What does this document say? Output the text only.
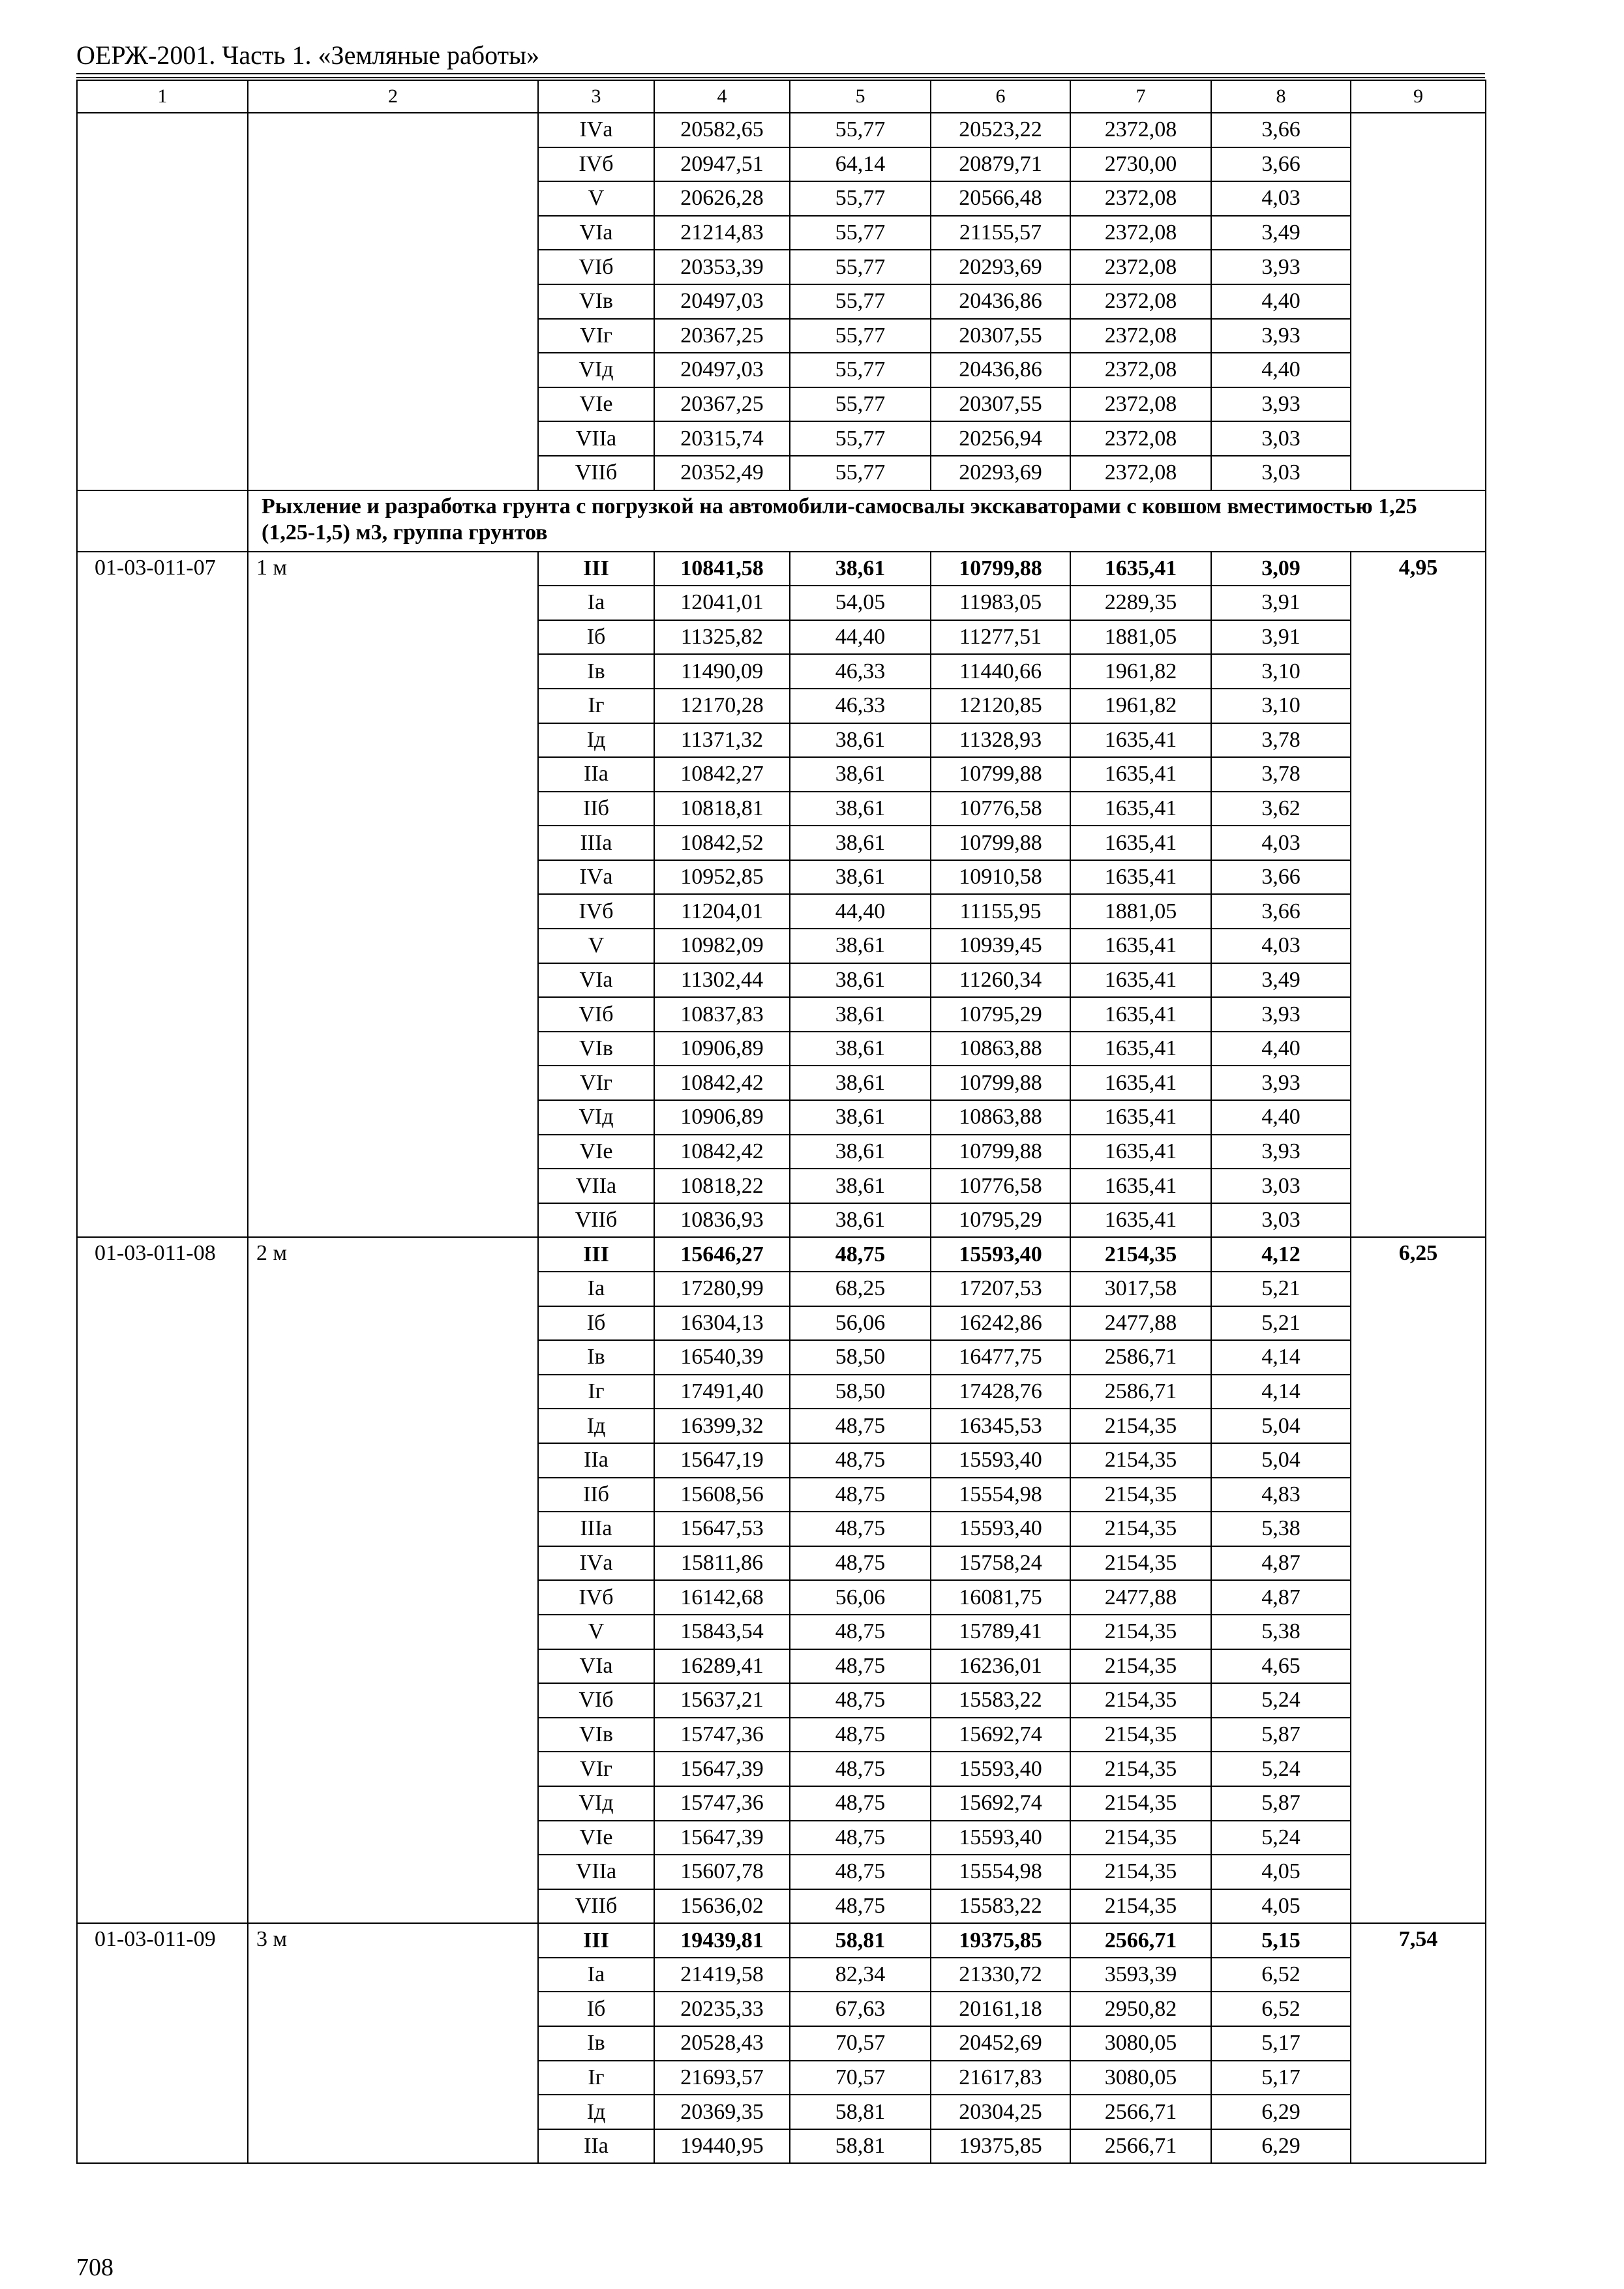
ОЕРЖ-2001. Часть 1. «Земляные работы»
1	2	3	4	5	6	7	8	9
		IVа	20582,65	55,77	20523,22	2372,08	3,66	
		IVб	20947,51	64,14	20879,71	2730,00	3,66	
		V	20626,28	55,77	20566,48	2372,08	4,03	
		VIа	21214,83	55,77	21155,57	2372,08	3,49	
		VIб	20353,39	55,77	20293,69	2372,08	3,93	
		VIв	20497,03	55,77	20436,86	2372,08	4,40	
		VIг	20367,25	55,77	20307,55	2372,08	3,93	
		VIд	20497,03	55,77	20436,86	2372,08	4,40	
		VIе	20367,25	55,77	20307,55	2372,08	3,93	
		VIIа	20315,74	55,77	20256,94	2372,08	3,03	
		VIIб	20352,49	55,77	20293,69	2372,08	3,03	
	Рыхление и разработка грунта с погрузкой на автомобили-самосвалы экскаваторами с ковшом вместимостью 1,25 (1,25-1,5) м3, группа грунтов							
01-03-011-07	1 м	III	10841,58	38,61	10799,88	1635,41	3,09	4,95
		Iа	12041,01	54,05	11983,05	2289,35	3,91	
		Iб	11325,82	44,40	11277,51	1881,05	3,91	
		Iв	11490,09	46,33	11440,66	1961,82	3,10	
		Iг	12170,28	46,33	12120,85	1961,82	3,10	
		Iд	11371,32	38,61	11328,93	1635,41	3,78	
		IIа	10842,27	38,61	10799,88	1635,41	3,78	
		IIб	10818,81	38,61	10776,58	1635,41	3,62	
		IIIа	10842,52	38,61	10799,88	1635,41	4,03	
		IVа	10952,85	38,61	10910,58	1635,41	3,66	
		IVб	11204,01	44,40	11155,95	1881,05	3,66	
		V	10982,09	38,61	10939,45	1635,41	4,03	
		VIа	11302,44	38,61	11260,34	1635,41	3,49	
		VIб	10837,83	38,61	10795,29	1635,41	3,93	
		VIв	10906,89	38,61	10863,88	1635,41	4,40	
		VIг	10842,42	38,61	10799,88	1635,41	3,93	
		VIд	10906,89	38,61	10863,88	1635,41	4,40	
		VIе	10842,42	38,61	10799,88	1635,41	3,93	
		VIIа	10818,22	38,61	10776,58	1635,41	3,03	
		VIIб	10836,93	38,61	10795,29	1635,41	3,03	
01-03-011-08	2 м	III	15646,27	48,75	15593,40	2154,35	4,12	6,25
		Iа	17280,99	68,25	17207,53	3017,58	5,21	
		Iб	16304,13	56,06	16242,86	2477,88	5,21	
		Iв	16540,39	58,50	16477,75	2586,71	4,14	
		Iг	17491,40	58,50	17428,76	2586,71	4,14	
		Iд	16399,32	48,75	16345,53	2154,35	5,04	
		IIа	15647,19	48,75	15593,40	2154,35	5,04	
		IIб	15608,56	48,75	15554,98	2154,35	4,83	
		IIIа	15647,53	48,75	15593,40	2154,35	5,38	
		IVа	15811,86	48,75	15758,24	2154,35	4,87	
		IVб	16142,68	56,06	16081,75	2477,88	4,87	
		V	15843,54	48,75	15789,41	2154,35	5,38	
		VIа	16289,41	48,75	16236,01	2154,35	4,65	
		VIб	15637,21	48,75	15583,22	2154,35	5,24	
		VIв	15747,36	48,75	15692,74	2154,35	5,87	
		VIг	15647,39	48,75	15593,40	2154,35	5,24	
		VIд	15747,36	48,75	15692,74	2154,35	5,87	
		VIе	15647,39	48,75	15593,40	2154,35	5,24	
		VIIа	15607,78	48,75	15554,98	2154,35	4,05	
		VIIб	15636,02	48,75	15583,22	2154,35	4,05	
01-03-011-09	3 м	III	19439,81	58,81	19375,85	2566,71	5,15	7,54
		Iа	21419,58	82,34	21330,72	3593,39	6,52	
		Iб	20235,33	67,63	20161,18	2950,82	6,52	
		Iв	20528,43	70,57	20452,69	3080,05	5,17	
		Iг	21693,57	70,57	21617,83	3080,05	5,17	
		Iд	20369,35	58,81	20304,25	2566,71	6,29	
		IIа	19440,95	58,81	19375,85	2566,71	6,29	
708
